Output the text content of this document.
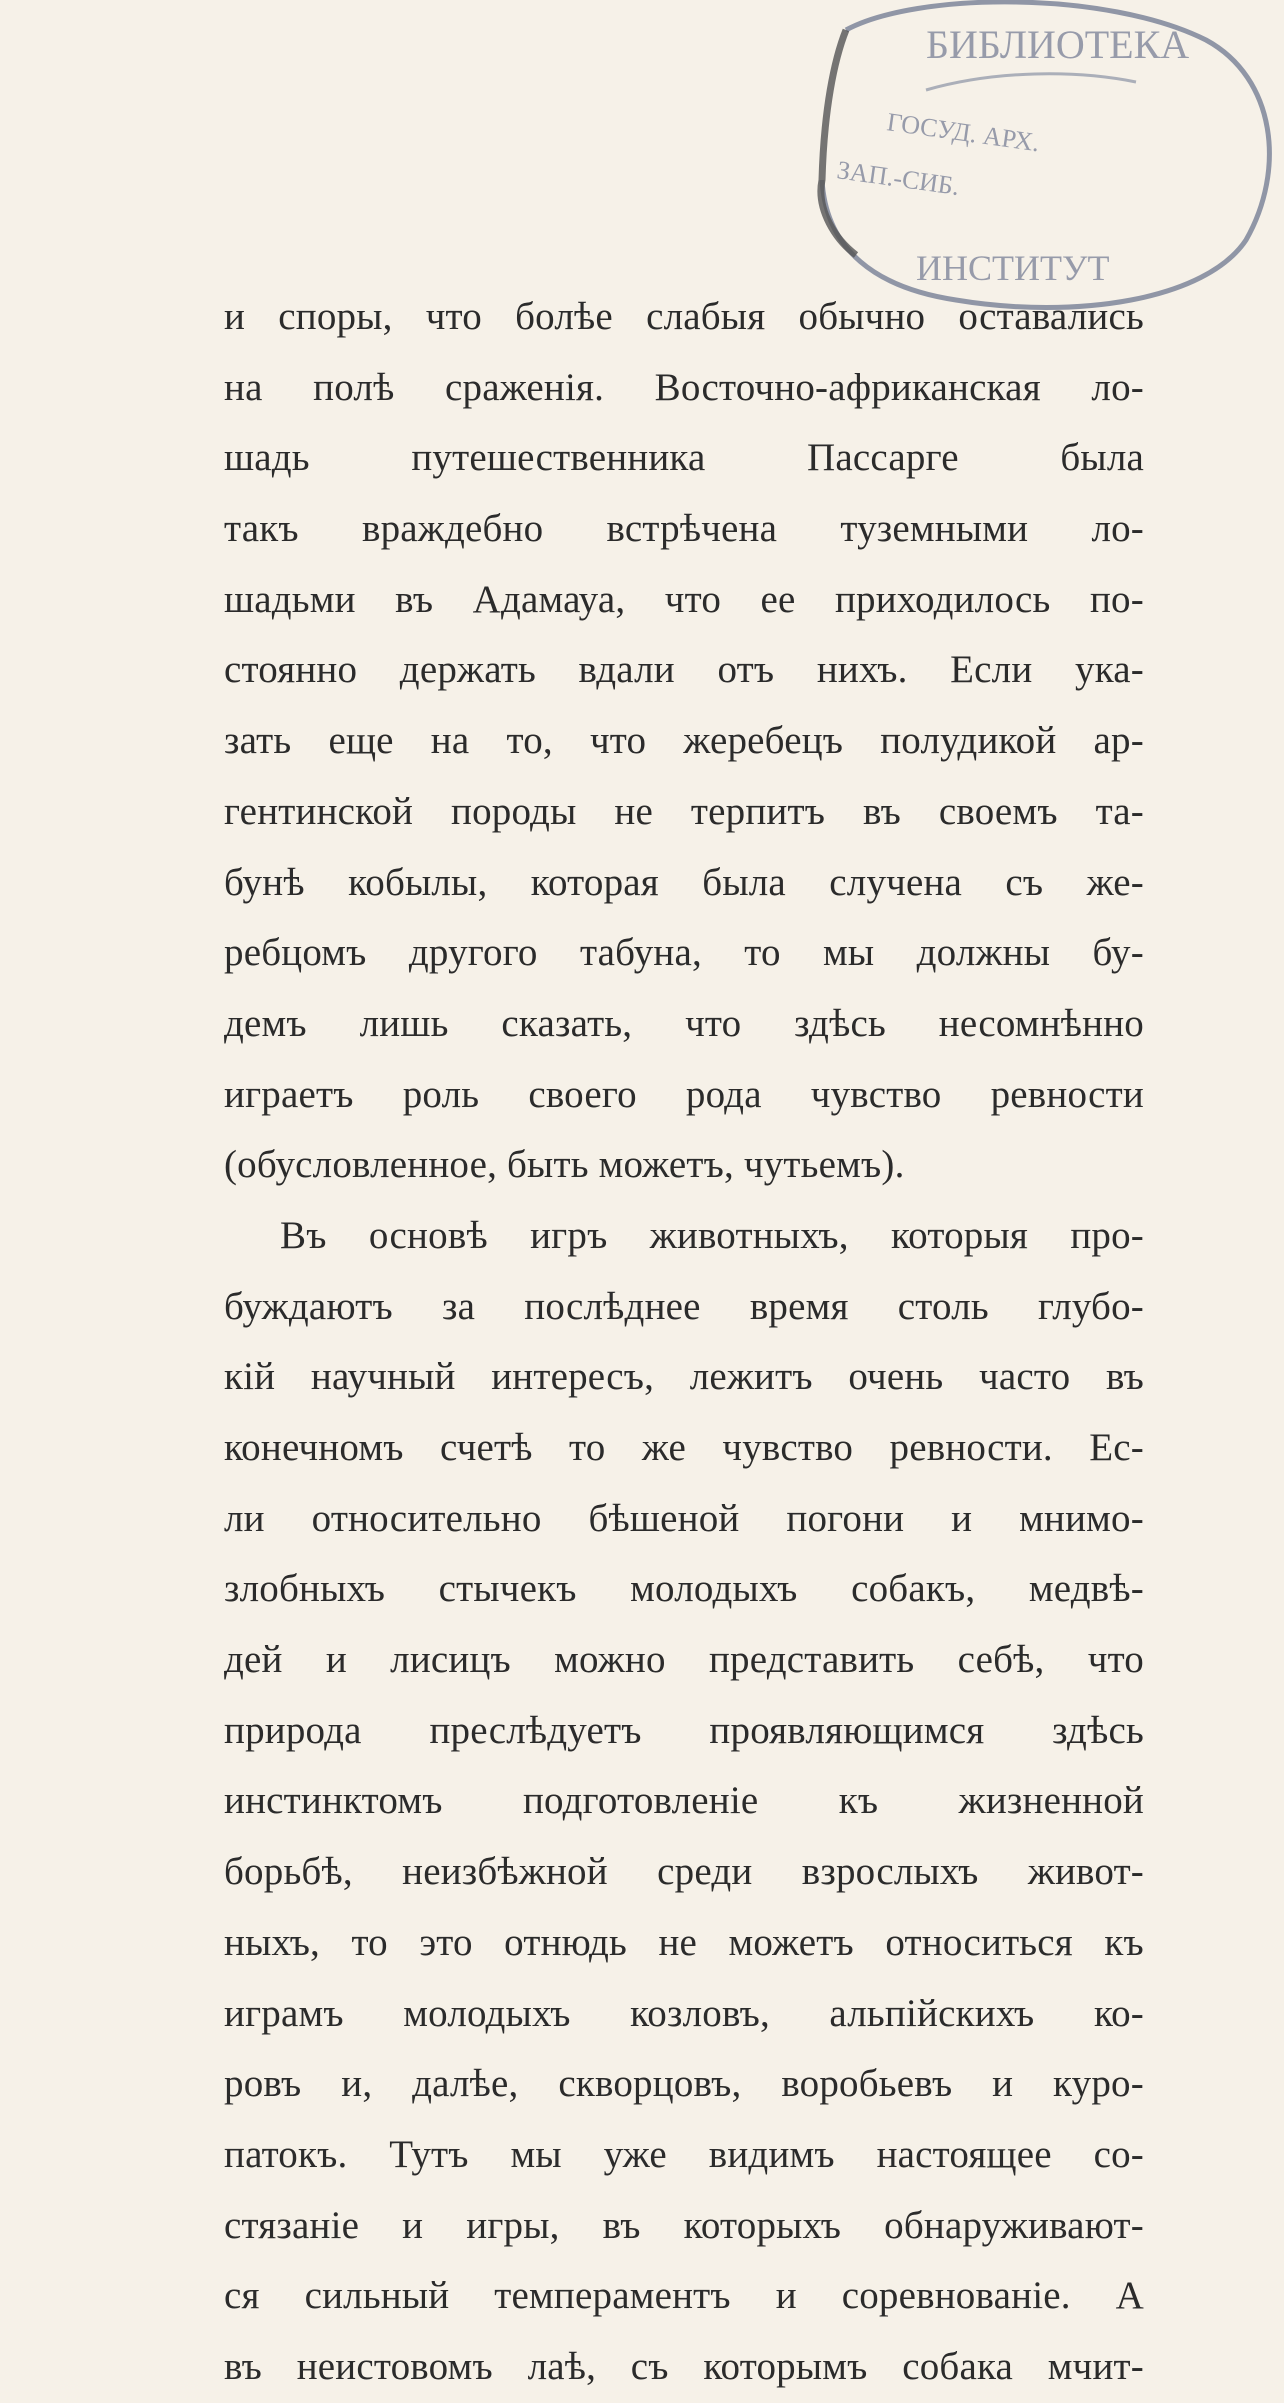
БИБЛИОТЕКА
ГОСУД. АРХ.
ЗАП.-СИБ.
ИНСТИТУТ
и споры, что болѣе слабыя обычно оставались
на полѣ сраженія. Восточно-африканская ло-
шадь	путешественника	Пассарге	была
такъ враждебно встрѣчена туземными ло-
шадьми въ Адамауа, что ее приходилось по-
стоянно держать вдали отъ нихъ. Если ука-
зать еще на то, что жеребецъ полудикой ар-
гентинской породы не терпитъ въ своемъ та-
бунѣ кобылы, которая была случена съ же-
ребцомъ другого табуна, то мы должны бу-
демъ лишь сказать, что здѣсь несомнѣнно
играетъ роль своего рода чувство ревности
(обусловленное, быть можетъ, чутьемъ).
Въ основѣ игръ животныхъ, которыя про-
буждаютъ за послѣднее время столь глубо-
кій научный интересъ, лежитъ очень часто въ
конечномъ счетѣ то же чувство ревности. Ес-
ли относительно бѣшеной погони и мнимо-
злобныхъ стычекъ молодыхъ собакъ, медвѣ-
дей и лисицъ можно представить себѣ, что
природа преслѣдуетъ проявляющимся здѣсь
инстинктомъ подготовленіе къ жизненной
борьбѣ, неизбѣжной среди взрослыхъ живот-
ныхъ, то это отнюдь не можетъ относиться къ
играмъ молодыхъ козловъ, альпійскихъ ко-
ровъ и, далѣе, скворцовъ, воробьевъ и куро-
патокъ. Тутъ мы уже видимъ настоящее со-
стязаніе и игры, въ которыхъ обнаруживают-
ся сильный темпераментъ и соревнованіе. А
въ неистовомъ лаѣ, съ которымъ собака мчит-
